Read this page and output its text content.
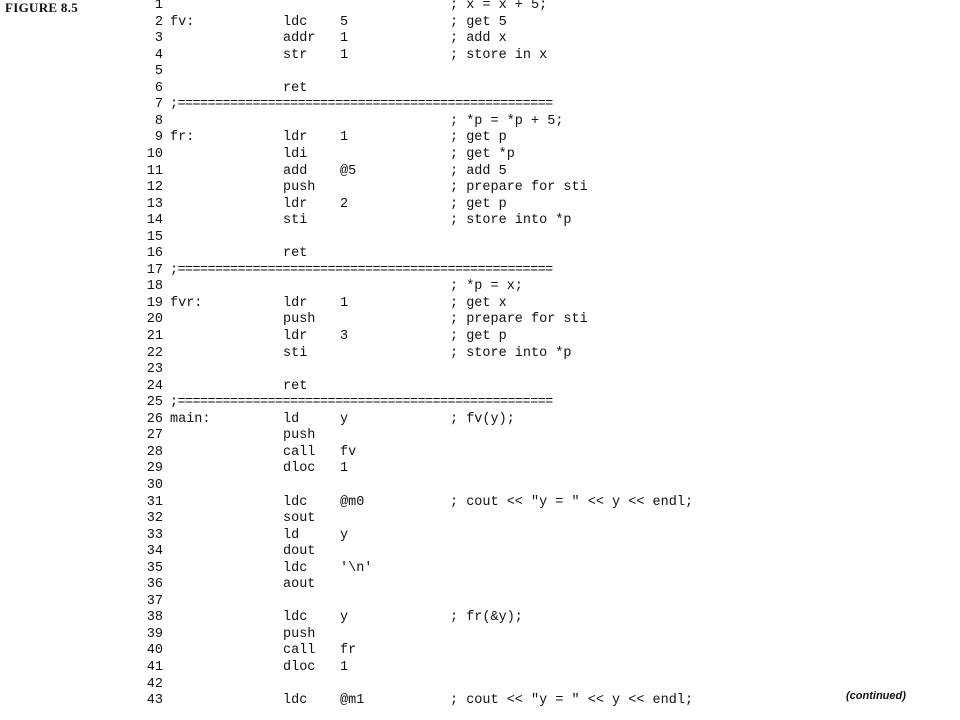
FIGURE 8.5	1	; x = x + 5;
2 fv:	ldc 5	; get 5
3	addr 1	; add x
4	str 1	; store in x
5
6	ret
7 ;==================================================
8	; *p = *p + 5;
9 fr:	ldr 1	; get p
10	ldi	; get *p
11	add @5	; add 5
12	push	; prepare for sti
13	ldr 2	; get p
14	sti	; store into *p
15
16	ret
17 ;==================================================
18	; *p = x;
19 fvr:	ldr 1	; get x
20	push	; prepare for sti
21	ldr 3	; get p
22	sti	; store into *p
23
24	ret
25 ;==================================================
26 main:	ld	y	; fv(y);
27	push
28	call fv
29	dloc 1
30
31	ldc @m0	; cout << "y = " << y << endl;
32	sout
33	ld	y
34	dout
35	ldc '\n'
36	aout
37
38	ldc y	; fr(&y);
39	push
40	call fr
41	dloc 1
42
43	ldc @m1	; cout << "y = " << y << endl;	(continued)
